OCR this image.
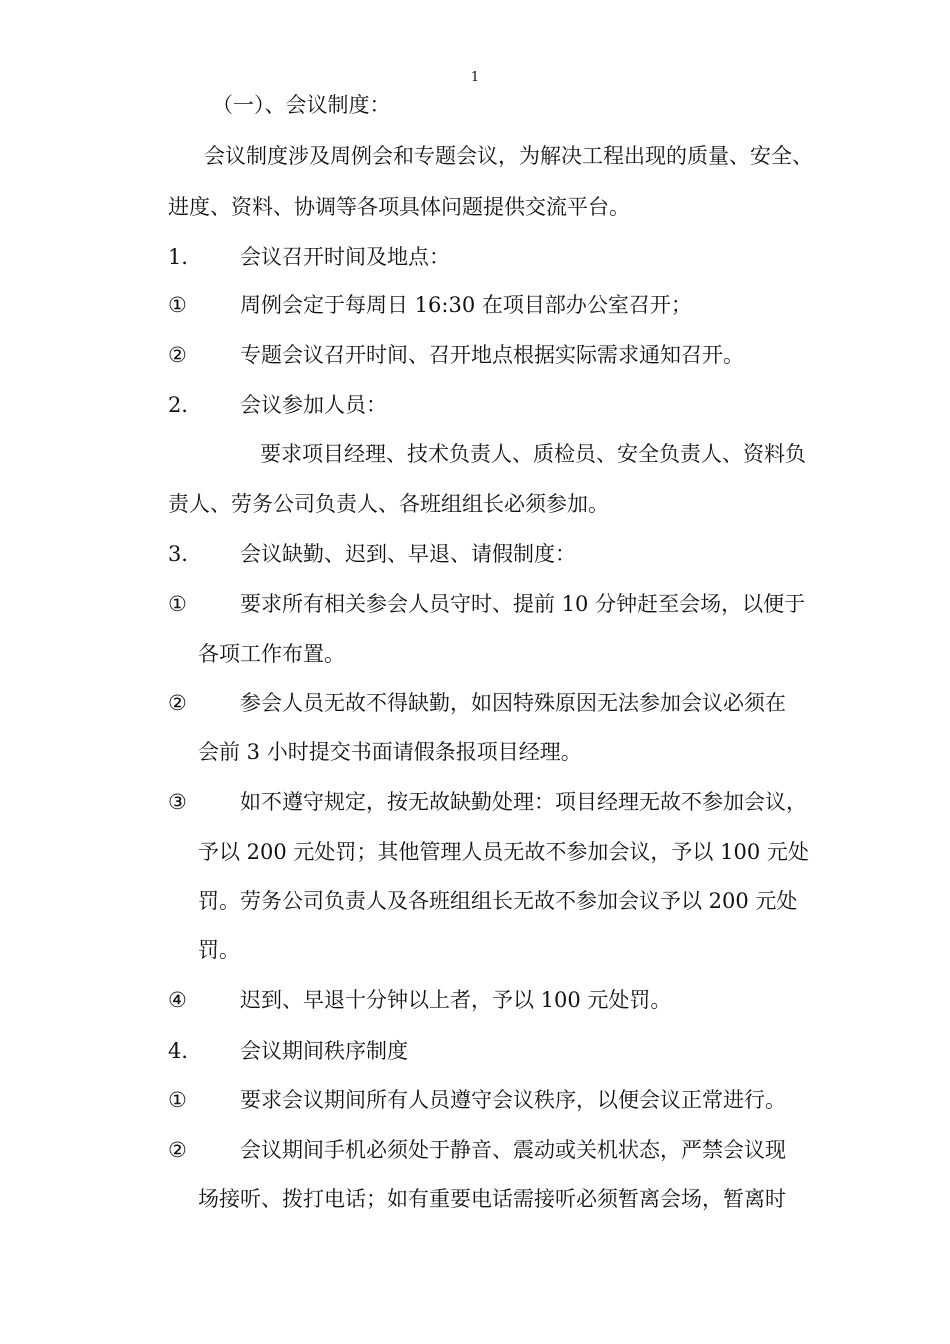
1
（一）、会议制度：
会议制度涉及周例会和专题会议，为解决工程出现的质量、安全、
进度、资料、协调等各项具体问题提供交流平台。
1． 会议召开时间及地点：
①	周例会定于每周日 16:30 在项目部办公室召开；
②	专题会议召开时间、召开地点根据实际需求通知召开。
2． 会议参加人员：
要求项目经理、技术负责人、质检员、安全负责人、资料负
责人、劳务公司负责人、各班组组长必须参加。
3． 会议缺勤、迟到、早退、请假制度：
①	要求所有相关参会人员守时、提前 10 分钟赶至会场，以便于
各项工作布置。
②	参会人员无故不得缺勤，如因特殊原因无法参加会议必须在
会前 3 小时提交书面请假条报项目经理。
③	如不遵守规定，按无故缺勤处理：项目经理无故不参加会议，
予以 200 元处罚；其他管理人员无故不参加会议，予以 100 元处
罚。劳务公司负责人及各班组组长无故不参加会议予以 200 元处
罚。
④	迟到、早退十分钟以上者，予以 100 元处罚。
4． 会议期间秩序制度
①	要求会议期间所有人员遵守会议秩序，以便会议正常进行。
②	会议期间手机必须处于静音、震动或关机状态，严禁会议现
场接听、拨打电话；如有重要电话需接听必须暂离会场，暂离时
